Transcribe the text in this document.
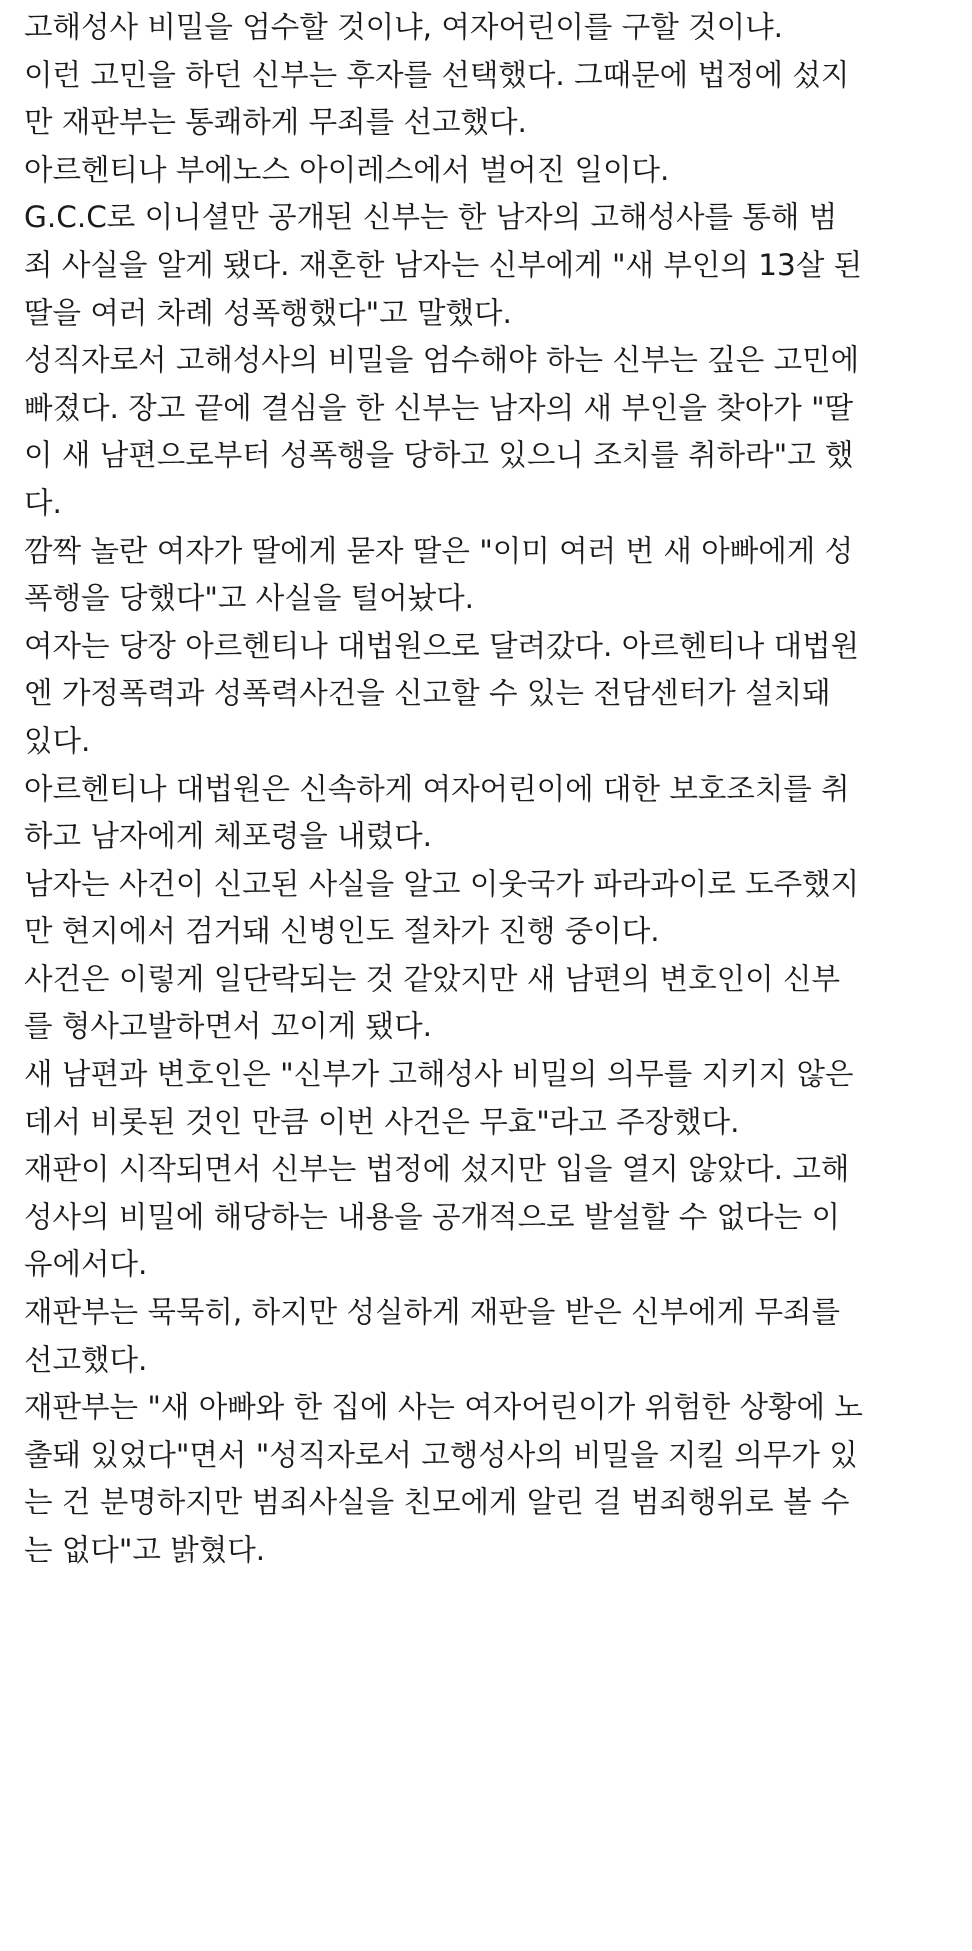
고해성사 비밀을 엄수할 것이냐, 여자어린이를 구할 것이냐.
이런 고민을 하던 신부는 후자를 선택했다. 그때문에 법정에 섰지
만 재판부는 통쾌하게 무죄를 선고했다.
아르헨티나 부에노스 아이레스에서 벌어진 일이다.
G.C.C로 이니셜만 공개된 신부는 한 남자의 고해성사를 통해 범
죄 사실을 알게 됐다. 재혼한 남자는 신부에게 "새 부인의 13살 된
딸을 여러 차례 성폭행했다"고 말했다.
성직자로서 고해성사의 비밀을 엄수해야 하는 신부는 깊은 고민에
빠졌다. 장고 끝에 결심을 한 신부는 남자의 새 부인을 찾아가 "딸
이 새 남편으로부터 성폭행을 당하고 있으니 조치를 취하라"고 했
다.
깜짝 놀란 여자가 딸에게 묻자 딸은 "이미 여러 번 새 아빠에게 성
폭행을 당했다"고 사실을 털어놨다.
여자는 당장 아르헨티나 대법원으로 달려갔다. 아르헨티나 대법원
엔 가정폭력과 성폭력사건을 신고할 수 있는 전담센터가 설치돼
있다.
아르헨티나 대법원은 신속하게 여자어린이에 대한 보호조치를 취
하고 남자에게 체포령을 내렸다.
남자는 사건이 신고된 사실을 알고 이웃국가 파라과이로 도주했지
만 현지에서 검거돼 신병인도 절차가 진행 중이다.
사건은 이렇게 일단락되는 것 같았지만 새 남편의 변호인이 신부
를 형사고발하면서 꼬이게 됐다.
새 남편과 변호인은 "신부가 고해성사 비밀의 의무를 지키지 않은
데서 비롯된 것인 만큼 이번 사건은 무효"라고 주장했다.
재판이 시작되면서 신부는 법정에 섰지만 입을 열지 않았다. 고해
성사의 비밀에 해당하는 내용을 공개적으로 발설할 수 없다는 이
유에서다.
재판부는 묵묵히, 하지만 성실하게 재판을 받은 신부에게 무죄를
선고했다.
재판부는 "새 아빠와 한 집에 사는 여자어린이가 위험한 상황에 노
출돼 있었다"면서 "성직자로서 고행성사의 비밀을 지킬 의무가 있
는 건 분명하지만 범죄사실을 친모에게 알린 걸 범죄행위로 볼 수
는 없다"고 밝혔다.
